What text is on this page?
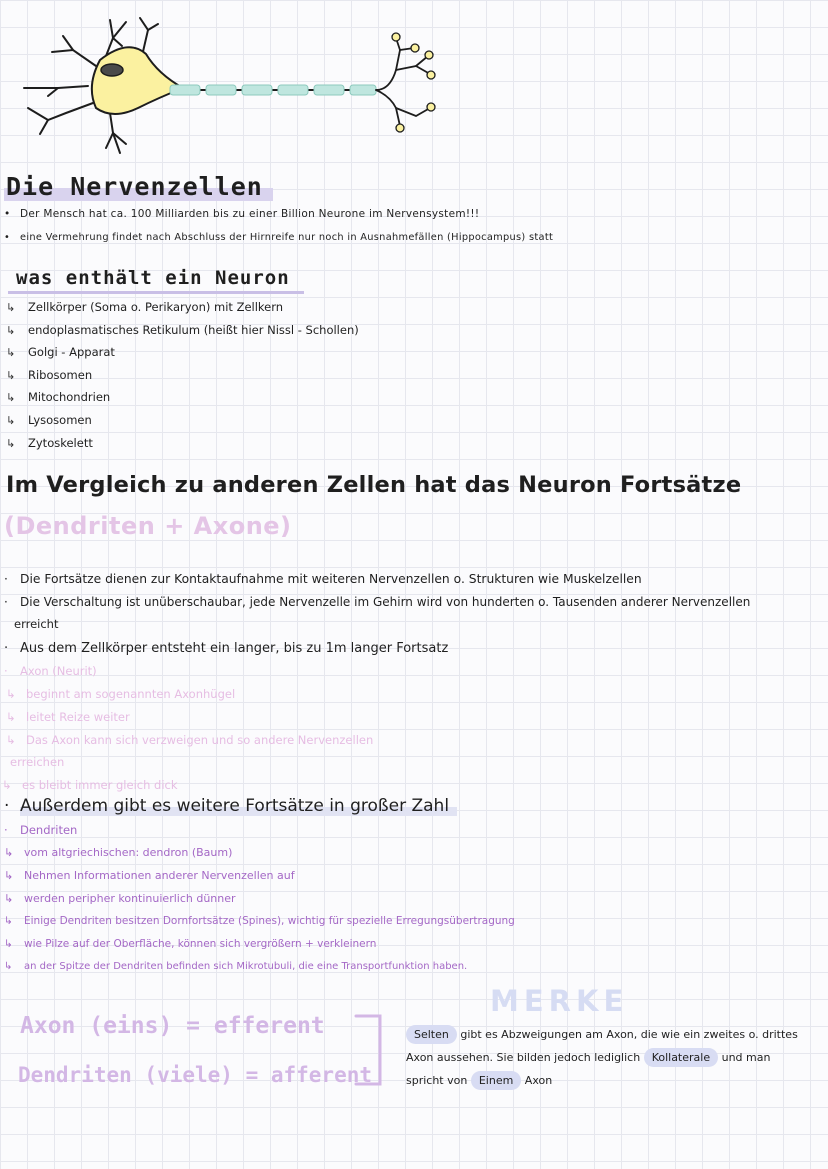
Die Nervenzellen
• Der Mensch hat ca. 100 Milliarden bis zu einer Billion Neurone im Nervensystem!!!
• eine Vermehrung findet nach Abschluss der Hirnreife nur noch in Ausnahmefällen (Hippocampus) statt
was enthält ein Neuron
↳ Zellkörper (Soma o. Perikaryon) mit Zellkern
↳ endoplasmatisches Retikulum (heißt hier Nissl - Schollen)
↳ Golgi - Apparat
↳ Ribosomen
↳ Mitochondrien
↳ Lysosomen
↳ Zytoskelett
Im Vergleich zu anderen Zellen hat das Neuron Fortsätze
(Dendriten + Axone)
· Die Fortsätze dienen zur Kontaktaufnahme mit weiteren Nervenzellen o. Strukturen wie Muskelzellen
· Die Verschaltung ist unüberschaubar, jede Nervenzelle im Gehirn wird von hunderten o. Tausenden anderer Nervenzellen
erreicht
· Aus dem Zellkörper entsteht ein langer, bis zu 1m langer Fortsatz
· Axon (Neurit)
↳ beginnt am sogenannten Axonhügel
↳ leitet Reize weiter
↳ Das Axon kann sich verzweigen und so andere Nervenzellen
erreichen
↳ es bleibt immer gleich dick
· Außerdem gibt es weitere Fortsätze in großer Zahl
· Dendriten
↳ vom altgriechischen: dendron (Baum)
↳ Nehmen Informationen anderer Nervenzellen auf
↳ werden peripher kontinuierlich dünner
↳ Einige Dendriten besitzen Dornfortsätze (Spines), wichtig für spezielle Erregungsübertragung
↳ wie Pilze auf der Oberfläche, können sich vergrößern + verkleinern
↳ an der Spitze der Dendriten befinden sich Mikrotubuli, die eine Transportfunktion haben.
Axon (eins) = efferent
Dendriten (viele) = afferent
MERKE
Selten gibt es Abzweigungen am Axon, die wie ein zweites o. drittes Axon aussehen. Sie bilden jedoch lediglich Kollaterale und man spricht von Einem Axon
